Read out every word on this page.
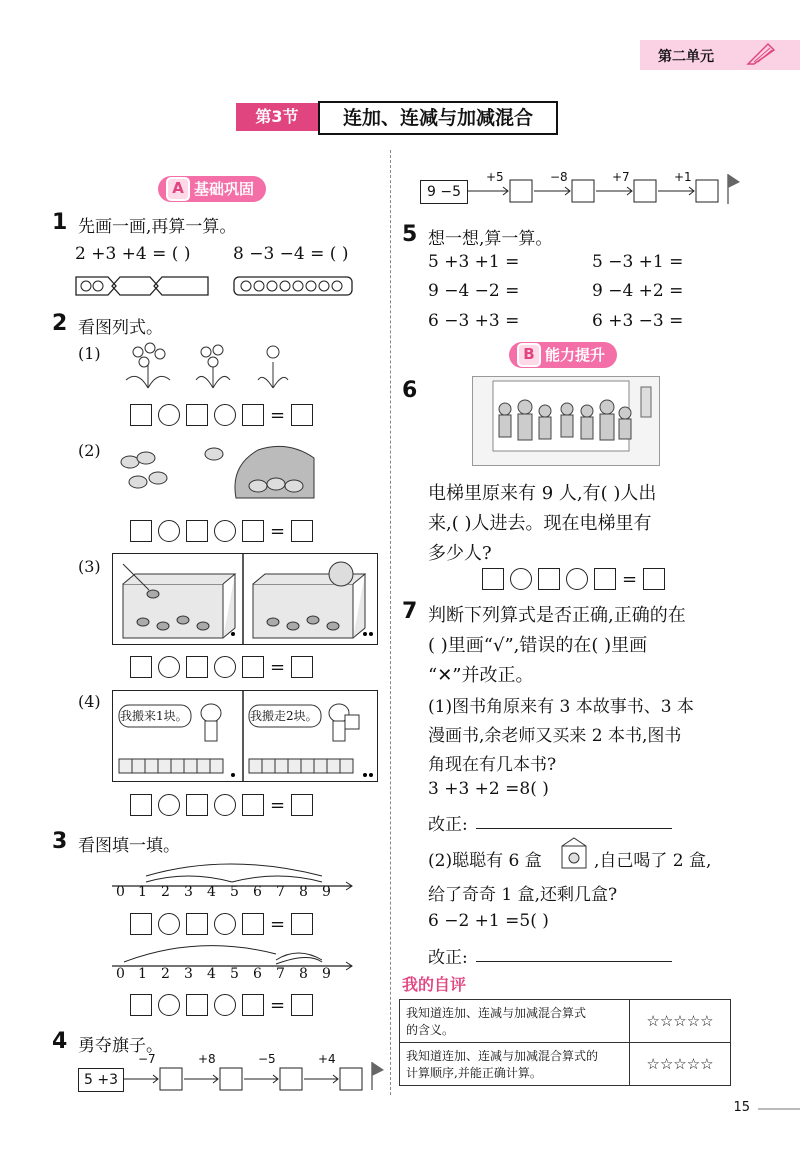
第二单元
第3节	连加、连减与加减混合
A 基础巩固
1 先画一画,再算一算。
2 +3 +4 = ( )	8 −3 −4 = ( )
2 看图列式。
(1)
=
(2)
=
(3)
=
(4)
我搬来1块。	我搬走2块。
=
3 看图填一填。
0 1 2 3 4 5 6 7 8 9
=
0 1 2 3 4 5 6 7 8 9
=
4 勇夺旗子。
5 +3
−7	+8	−5	+4
9 −5
+5	−8	+7	+1
5 想一想,算一算。
5 +3 +1 =	5 −3 +1 =
9 −4 −2 =	9 −4 +2 =
6 −3 +3 =	6 +3 −3 =
B 能力提升
6
电梯里原来有 9 人,有( )人出
来,( )人进去。现在电梯里有
多少人?
=
7 判断下列算式是否正确,正确的在
( )里画“√”,错误的在( )里画
“✕”并改正。
(1)图书角原来有 3 本故事书、3 本
漫画书,余老师又买来 2 本书,图书
角现在有几本书?
3 +3 +2 =8( )
改正:
(2)聪聪有 6 盒	,自己喝了 2 盒,
给了奇奇 1 盒,还剩几盒?
6 −2 +1 =5( )
改正:
我的自评
我知道连加、连减与加减混合算式
的含义。	☆☆☆☆☆
我知道连加、连减与加减混合算式的
计算顺序,并能正确计算。	☆☆☆☆☆
15
